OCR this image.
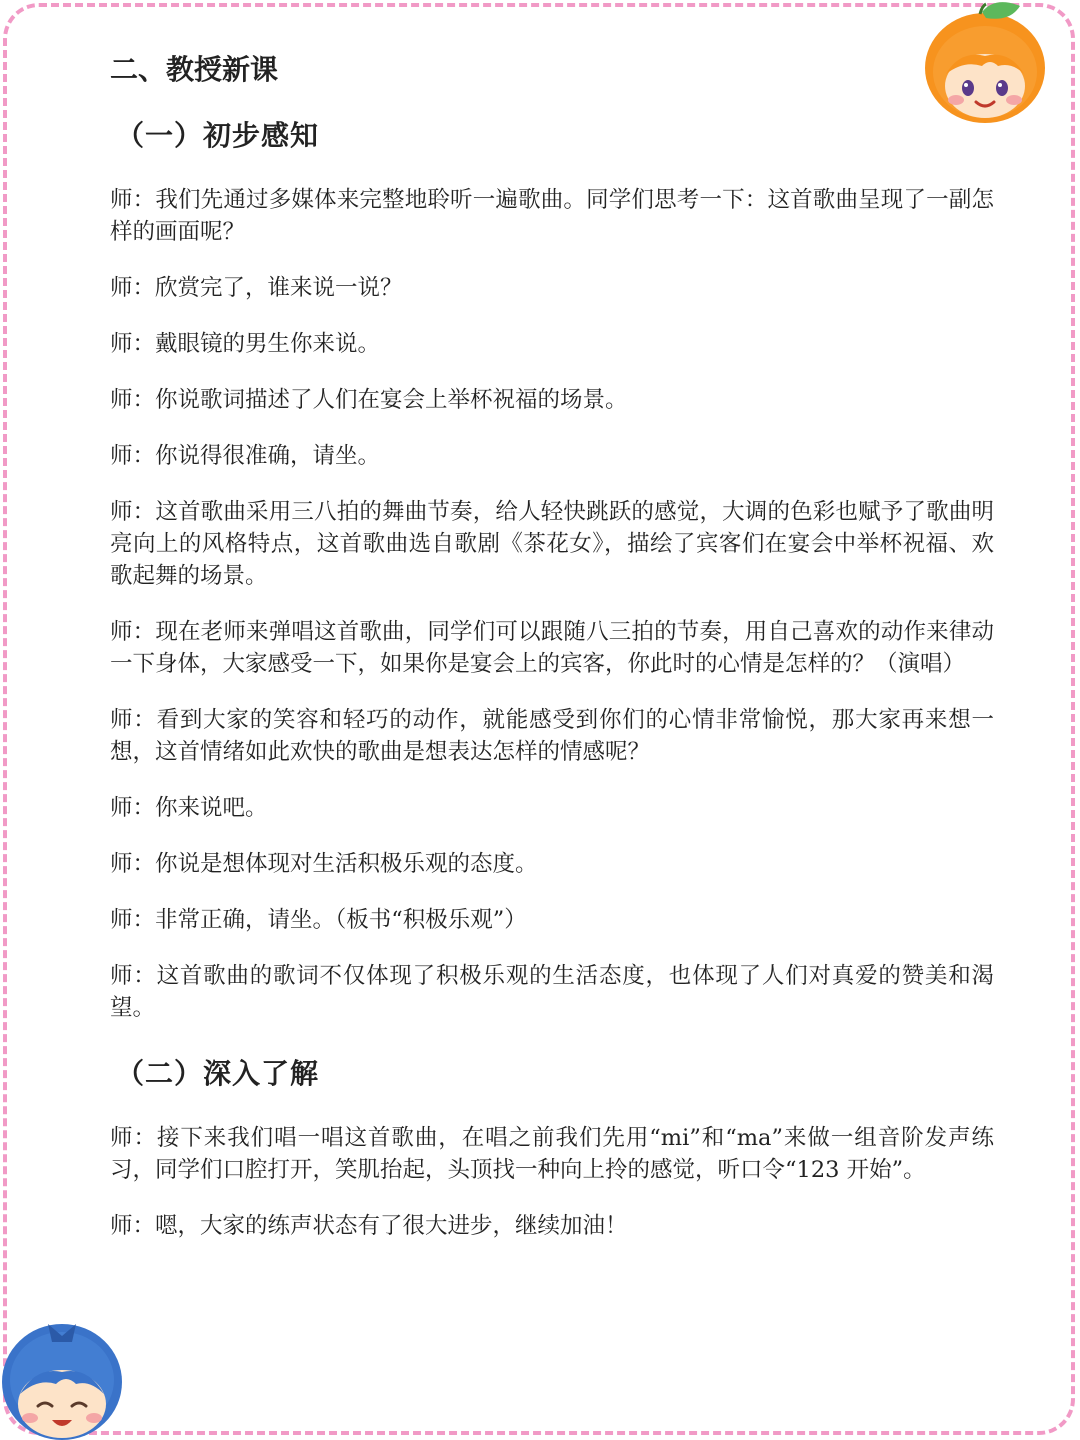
二、教授新课
（一）初步感知
师：我们先通过多媒体来完整地聆听一遍歌曲。同学们思考一下：这首歌曲呈现了一副怎样的画面呢？
师：欣赏完了，谁来说一说？
师：戴眼镜的男生你来说。
师：你说歌词描述了人们在宴会上举杯祝福的场景。
师：你说得很准确，请坐。
师：这首歌曲采用三八拍的舞曲节奏，给人轻快跳跃的感觉，大调的色彩也赋予了歌曲明亮向上的风格特点，这首歌曲选自歌剧《茶花女》，描绘了宾客们在宴会中举杯祝福、欢歌起舞的场景。
师：现在老师来弹唱这首歌曲，同学们可以跟随八三拍的节奏，用自己喜欢的动作来律动一下身体，大家感受一下，如果你是宴会上的宾客，你此时的心情是怎样的？（演唱）
师：看到大家的笑容和轻巧的动作，就能感受到你们的心情非常愉悦，那大家再来想一想，这首情绪如此欢快的歌曲是想表达怎样的情感呢？
师：你来说吧。
师：你说是想体现对生活积极乐观的态度。
师：非常正确，请坐。（板书“积极乐观”）
师：这首歌曲的歌词不仅体现了积极乐观的生活态度，也体现了人们对真爱的赞美和渴望。
（二）深入了解
师：接下来我们唱一唱这首歌曲，在唱之前我们先用“mi”和“ma”来做一组音阶发声练习，同学们口腔打开，笑肌抬起，头顶找一种向上拎的感觉，听口令“123 开始”。
师：嗯，大家的练声状态有了很大进步，继续加油！
